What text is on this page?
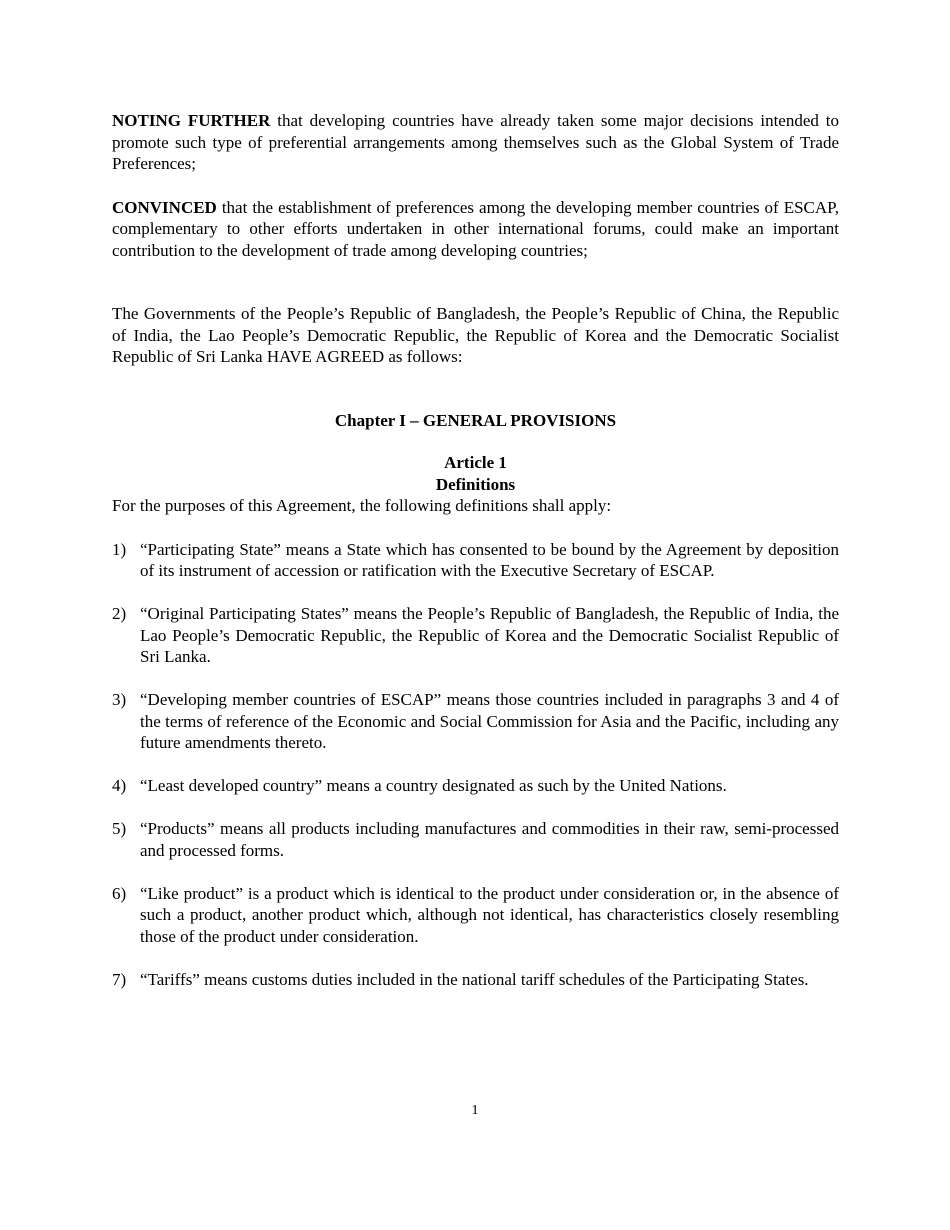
NOTING FURTHER that developing countries have already taken some major decisions intended to promote such type of preferential arrangements among themselves such as the Global System of Trade Preferences;

CONVINCED that the establishment of preferences among the developing member countries of ESCAP, complementary to other efforts undertaken in other international forums, could make an important contribution to the development of trade among developing countries;

The Governments of the People’s Republic of Bangladesh, the People’s Republic of China, the Republic of India, the Lao People’s Democratic Republic, the Republic of Korea and the Democratic Socialist Republic of Sri Lanka HAVE AGREED as follows:

Chapter I – GENERAL PROVISIONS
Article 1
Definitions

For the purposes of this Agreement, the following definitions shall apply:

1) “Participating State” means a State which has consented to be bound by the Agreement by deposition of its instrument of accession or ratification with the Executive Secretary of ESCAP.
2) “Original Participating States” means the People’s Republic of Bangladesh, the Republic of India, the Lao People’s Democratic Republic, the Republic of Korea and the Democratic Socialist Republic of Sri Lanka.
3) “Developing member countries of ESCAP” means those countries included in paragraphs 3 and 4 of the terms of reference of the Economic and Social Commission for Asia and the Pacific, including any future amendments thereto.
4) “Least developed country” means a country designated as such by the United Nations.
5) “Products” means all products including manufactures and commodities in their raw, semi-processed and processed forms.
6) “Like product” is a product which is identical to the product under consideration or, in the absence of such a product, another product which, although not identical, has characteristics closely resembling those of the product under consideration.
7) “Tariffs” means customs duties included in the national tariff schedules of the Participating States.
1
